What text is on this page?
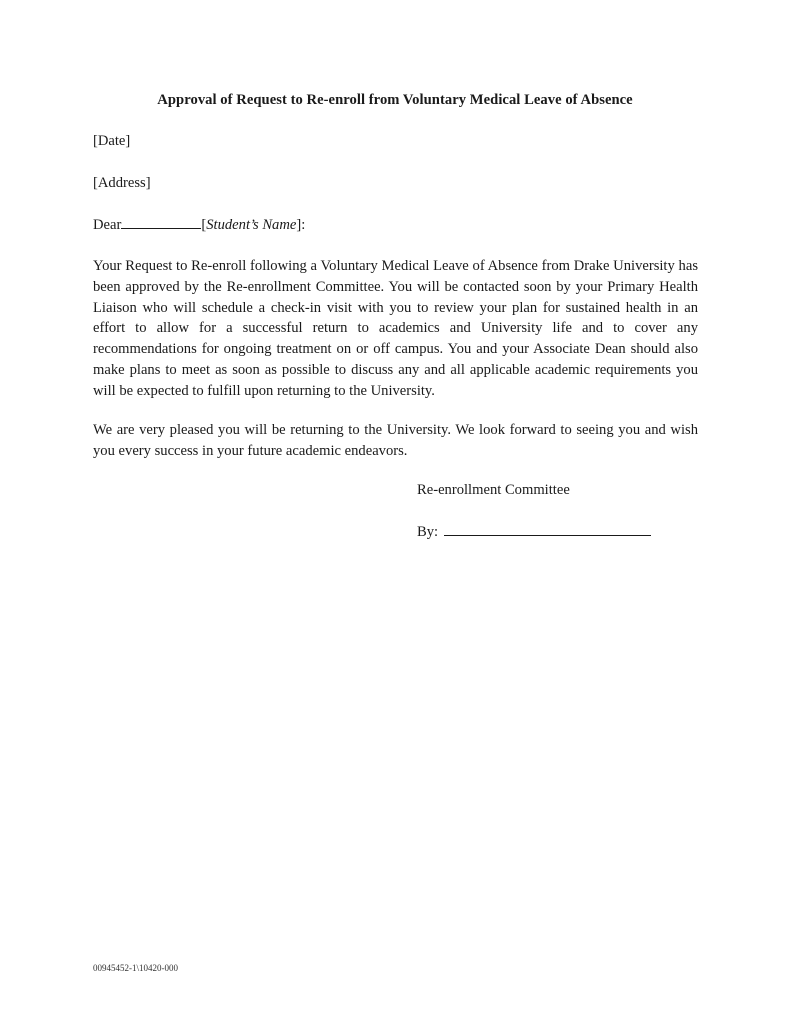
Approval of Request to Re-enroll from Voluntary Medical Leave of Absence
[Date]
[Address]
Dear	[Student’s Name]:
Your Request to Re-enroll following a Voluntary Medical Leave of Absence from Drake University has been approved by the Re-enrollment Committee. You will be contacted soon by your Primary Health Liaison who will schedule a check-in visit with you to review your plan for sustained health in an effort to allow for a successful return to academics and University life and to cover any recommendations for ongoing treatment on or off campus. You and your Associate Dean should also make plans to meet as soon as possible to discuss any and all applicable academic requirements you will be expected to fulfill upon returning to the University.
We are very pleased you will be returning to the University. We look forward to seeing you and wish you every success in your future academic endeavors.
Re-enrollment Committee
By:
00945452-1\10420-000
